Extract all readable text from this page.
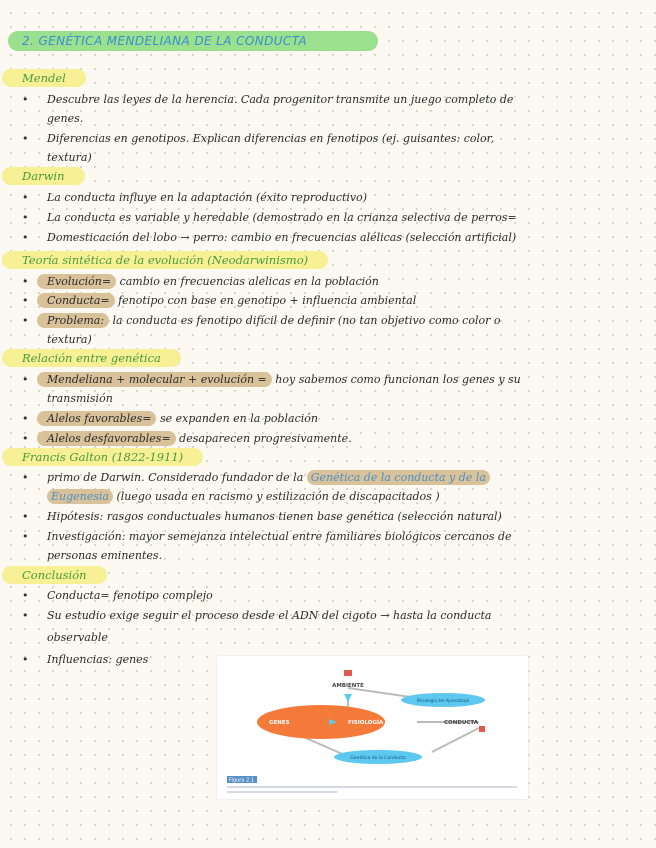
2. GENÉTICA MENDELIANA DE LA CONDUCTA
Mendel
• Descubre las leyes de la herencia. Cada progenitor transmite un juego completo de
genes.
• Diferencias en genotipos. Explican diferencias en fenotipos (ej. guisantes: color,
textura)
Darwin
• La conducta influye en la adaptación (éxito reproductivo)
• La conducta es variable y heredable (demostrado en la crianza selectiva de perros=
• Domesticación del lobo → perro: cambio en frecuencias alélicas (selección artificial)
Teoría sintética de la evolución (Neodarwinismo)
• Evolución= cambio en frecuencias alelicas en la población
• Conducta= fenotipo con base en genotipo + influencia ambiental
• Problema: la conducta es fenotipo difícil de definir (no tan objetivo como color o
textura)
Relación entre genética
• Mendeliana + molecular + evolución = hoy sabemos como funcionan los genes y su
transmisión
• Alelos favorables= se expanden en la población
• Alelos desfavorables= desaparecen progresivamente.
Francis Galton (1822-1911)
• primo de Darwin. Considerado fundador de la Genética de la conducta y de la
Eugenesia (luego usada en racismo y estilización de discapacitados )
• Hipótesis: rasgos conductuales humanos tienen base genética (selección natural)
• Investigación: mayor semejanza intelectual entre familiares biológicos cercanos de
personas eminentes.
Conclusión
• Conducta= fenotipo complejo
• Su estudio exige seguir el proceso desde el ADN del cigoto → hasta la conducta
observable
• Influencias: genes
AMBIENTE
GENES	FISIOLOGÍA	CONDUCTA
Psicología del Aprendizaje
Genética de la Conducta
Figura 2.1
